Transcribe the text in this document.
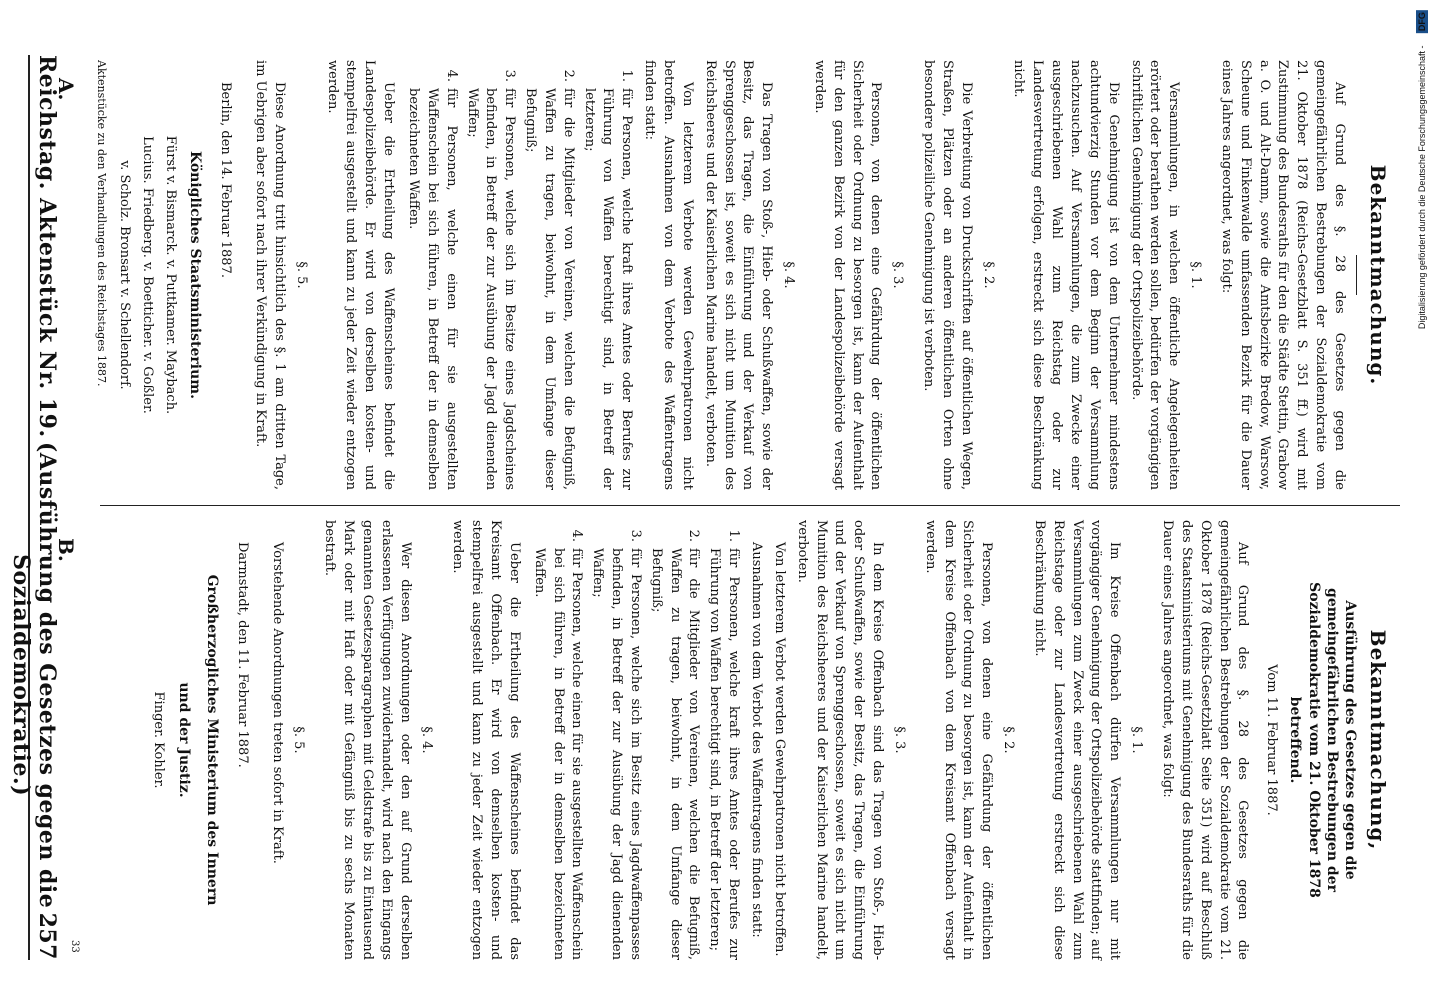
Reichstag. Aktenstück Nr. 19.
(Ausführung des Gesetzes gegen die Sozialdemokratie.)
257
Bekanntmachung.

Auf Grund des §. 28 des Gesetzes gegen die gemeingefährlichen Bestrebungen der Sozialdemokratie vom 21. Oktober 1878 (Reichs-Gesetzblatt S. 351 ff.) wird mit Zustimmung des Bundesraths für den die Städte Stettin, Grabow a. O. und Alt-Damm, sowie die Amtsbezirke Bredow, Warsow, Scheune und Finkenwalde umfassenden Bezirk für die Dauer eines Jahres angeordnet, was folgt:

§. 1.

Versammlungen, in welchen öffentliche Angelegenheiten erörtert oder berathen werden sollen, bedürfen der vorgängigen schriftlichen Genehmigung der Ortspolizeibehörde.

Die Genehmigung ist von dem Unternehmer mindestens achtundvierzig Stunden vor dem Beginn der Versammlung nachzusuchen. Auf Versammlungen, die zum Zwecke einer ausgeschriebenen Wahl zum Reichstag oder zur Landesvertretung erfolgen, erstreckt sich diese Beschränkung nicht.

§. 2.

Die Verbreitung von Druckschriften auf öffentlichen Wegen, Straßen, Plätzen oder an anderen öffentlichen Orten ohne besondere polizeiliche Genehmigung ist verboten.

§. 3.

Personen, von denen eine Gefährdung der öffentlichen Sicherheit oder Ordnung zu besorgen ist, kann der Aufenthalt für den ganzen Bezirk von der Landespolizeibehörde versagt werden.

§. 4.

Das Tragen von Stoß-, Hieb- oder Schußwaffen, sowie der Besitz, das Tragen, die Einführung und der Verkauf von Sprenggeschossen ist, soweit es sich nicht um Munition des Reichsheeres und der Kaiserlichen Marine handelt, verboten.

Von letzterem Verbote werden Gewehrpatronen nicht betroffen. Ausnahmen von dem Verbote des Waffentragens finden statt:

1.
für Personen, welche kraft ihres Amtes oder Berufes zur Führung von Waffen berechtigt sind, in Betreff der letzteren;
2.
für die Mitglieder von Vereinen, welchen die Befugniß, Waffen zu tragen, beiwohnt, in dem Umfange dieser Befugniß;
3.
für Personen, welche sich im Besitze eines Jagdscheines befinden, in Betreff der zur Ausübung der Jagd dienenden Waffen;
4.
für Personen, welche einen für sie ausgestellten Waffenschein bei sich führen, in Betreff der in demselben bezeichneten Waffen.

Ueber die Ertheilung des Waffenscheines befindet die Landespolizeibehörde. Er wird von derselben kosten- und stempelfrei ausgestellt und kann zu jeder Zeit wieder entzogen werden.

§. 5.

Diese Anordnung tritt hinsichtlich des §. 1 am dritten Tage, im Uebrigen aber sofort nach ihrer Verkündigung in Kraft.

Berlin, den 14. Februar 1887.

Königliches Staatsministerium.
Fürst v. Bismarck. v. Puttkamer. Maybach.
Lucius. Friedberg. v. Boetticher. v. Goßler.
v. Scholz. Bronsart v. Schellendorf.
Aktenstücke zu den Verhandlungen des Reichstages 1887.
A.
Bekanntmachung,
Ausführung des Gesetzes gegen die gemeingefährlichen Bestrebungen der Sozialdemokratie vom 21. Oktober 1878 betreffend.
Vom 11. Februar 1887.

Auf Grund des §. 28 des Gesetzes gegen die gemeingefährlichen Bestrebungen der Sozialdemokratie vom 21. Oktober 1878 (Reichs-Gesetzblatt Seite 351) wird auf Beschluß des Staatsministeriums mit Genehmigung des Bundesraths für die Dauer eines Jahres angeordnet, was folgt:

§. 1.

Im Kreise Offenbach dürfen Versammlungen nur mit vorgängiger Genehmigung der Ortspolizeibehörde stattfinden; auf Versammlungen zum Zweck einer ausgeschriebenen Wahl zum Reichstage oder zur Landesvertretung erstreckt sich diese Beschränkung nicht.

§. 2.

Personen, von denen eine Gefährdung der öffentlichen Sicherheit oder Ordnung zu besorgen ist, kann der Aufenthalt in dem Kreise Offenbach von dem Kreisamt Offenbach versagt werden.

§. 3.

In dem Kreise Offenbach sind das Tragen von Stoß-, Hieb- oder Schußwaffen, sowie der Besitz, das Tragen, die Einführung und der Verkauf von Sprenggeschossen, soweit es sich nicht um Munition des Reichsheeres und der Kaiserlichen Marine handelt, verboten.

Von letzterem Verbot werden Gewehrpatronen nicht betroffen.

Ausnahmen von dem Verbot des Waffentragens finden statt:

1.
für Personen, welche kraft ihres Amtes oder Berufes zur Führung von Waffen berechtigt sind, in Betreff der letzteren;
2.
für die Mitglieder von Vereinen, welchen die Befugniß, Waffen zu tragen, beiwohnt, in dem Umfange dieser Befugniß;
3.
für Personen, welche sich im Besitz eines Jagdwaffenpasses befinden, in Betreff der zur Ausübung der Jagd dienenden Waffen;
4.
für Personen, welche einen für sie ausgestellten Waffenschein bei sich führen, in Betreff der in demselben bezeichneten Waffen.

Ueber die Ertheilung des Waffenscheines befindet das Kreisamt Offenbach. Er wird von demselben kosten- und stempelfrei ausgestellt und kann zu jeder Zeit wieder entzogen werden.

§. 4.

Wer diesen Anordnungen oder den auf Grund derselben erlassenen Verfügungen zuwiderhandelt, wird nach den Eingangs genannten Gesetzesparagraphen mit Geldstrafe bis zu Eintausend Mark oder mit Haft oder mit Gefängniß bis zu sechs Monaten bestraft.

§. 5.

Vorstehende Anordnungen treten sofort in Kraft.

Darmstadt, den 11. Februar 1887.

Großherzogliches Ministerium des Innern
und der Justiz.
Finger. Kohler.
B.
33
Digitalisierung gefördert durch die Deutsche Forschungsgemeinschaft - DFG
